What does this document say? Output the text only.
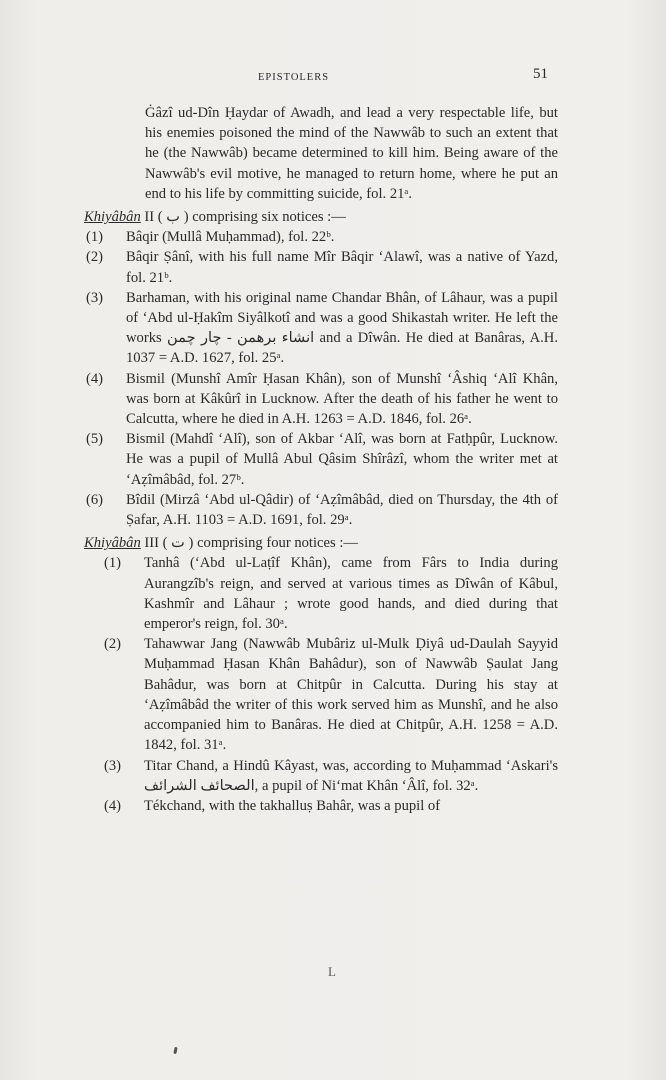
EPISTOLERS	51

Ġâzî ud-Dîn Ḥaydar of Awadh, and lead a very respectable life, but his enemies poisoned the mind of the Nawwâb to such an extent that he (the Nawwâb) became determined to kill him. Being aware of the Nawwâb's evil motive, he managed to return home, where he put an end to his life by committing suicide, fol. 21ᵃ.

Khiyâbân II ( ب ) comprising six notices :—

(1)	Bâqir (Mullâ Muḥammad), fol. 22ᵇ.
(2)	Bâqir Ṣânî, with his full name Mîr Bâqir ʻAlawî, was a native of Yazd, fol. 21ᵇ.
(3)	Barhaman, with his original name Chandar Bhân, of Lâhaur, was a pupil of ʻAbd ul-Ḥakîm Siyâlkotî and was a good Shikastah writer. He left the works انشاء برهمن - چار چمن and a Dîwân. He died at Banâras, A.H. 1037 = A.D. 1627, fol. 25ᵃ.
(4)	Bismil (Munshî Amîr Ḥasan Khân), son of Munshî ʻÂshiq ʻAlî Khân, was born at Kâkûrî in Lucknow. After the death of his father he went to Calcutta, where he died in A.H. 1263 = A.D. 1846, fol. 26ᵃ.
(5)	Bismil (Mahdî ʻAlî), son of Akbar ʻAlî, was born at Fatḥpûr, Lucknow. He was a pupil of Mullâ Abul Qâsim Shîrâzî, whom the writer met at ʻAẓîmâbâd, fol. 27ᵇ.
(6)	Bîdil (Mirzâ ʻAbd ul-Qâdir) of ʻAẓîmâbâd, died on Thursday, the 4th of Ṣafar, A.H. 1103 = A.D. 1691, fol. 29ᵃ.

Khiyâbân III ( ت ) comprising four notices :—

(1)	Tanhâ (ʻAbd ul-Laṭîf Khân), came from Fârs to India during Aurangzîb's reign, and served at various times as Dîwân of Kâbul, Kashmîr and Lâhaur ; wrote good hands, and died during that emperor's reign, fol. 30ᵃ.
(2)	Tahawwar Jang (Nawwâb Mubâriz ul-Mulk Ḍiyâ ud-Daulah Sayyid Muḥammad Ḥasan Khân Bahâdur), son of Nawwâb Ṣaulat Jang Bahâdur, was born at Chitpûr in Calcutta. During his stay at ʻAẓîmâbâd the writer of this work served him as Munshî, and he also accompanied him to Banâras. He died at Chitpûr, A.H. 1258 = A.D. 1842, fol. 31ᵃ.
(3)	Titar Chand, a Hindû Kâyast, was, according to Muḥammad ʻAskari's الصحائف الشرائف, a pupil of Niʻmat Khân ʻÂlî, fol. 32ᵃ.
(4)	Tékchand, with the takhalluṣ Bahâr, was a pupil of
L
